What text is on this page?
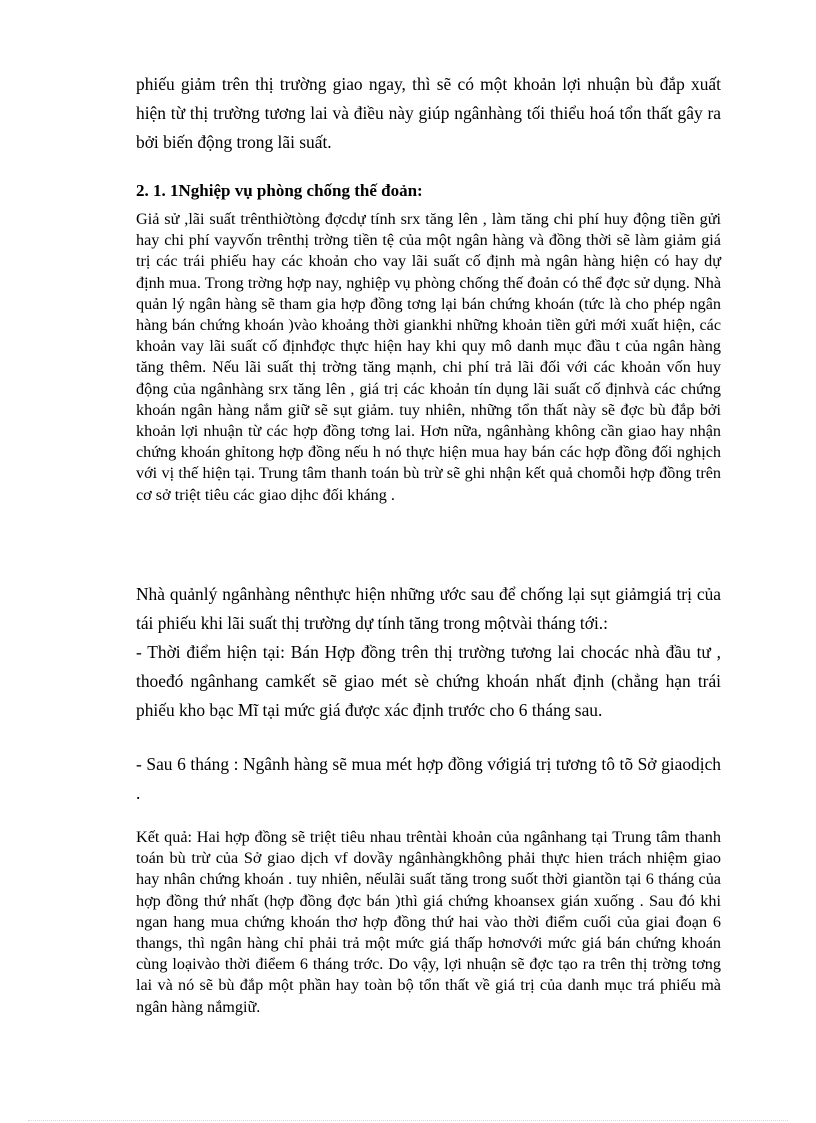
phiếu giảm trên thị trường giao ngay, thì sẽ có một khoản lợi nhuận bù đắp xuất hiện từ thị trường tương lai và điều này giúp ngânhàng tối thiểu hoá tổn thất gây ra bởi biến động trong lãi suất.

2. 1. 1Nghiệp vụ phòng chống thế đoản:

Giả sử ,lãi suất trênthiờtòng đợcdự tính srx tăng lên , làm tăng chi phí huy động tiền gửi hay chi phí vayvốn trênthị trờng tiền tệ của một ngân hàng và đồng thời sẽ làm giảm giá trị các trái phiếu hay các khoản cho vay lãi suất cố định mà ngân hàng hiện có hay dự định mua. Trong trờng hợp nay, nghiệp vụ phòng chống thế đoản có thể đợc sử dụng. Nhà quản lý ngân hàng sẽ tham gia hợp đồng tơng lại bán chứng khoán (tức là cho phép ngân hàng bán chứng khoán )vào khoảng thời giankhi những khoản tiền gửi mới xuất hiện, các khoản vay lãi suất cố địnhđợc thực hiện hay khi quy mô danh mục đầu t của ngân hàng tăng thêm. Nếu lãi suất thị trờng tăng mạnh, chi phí trả lãi đối với các khoản vốn huy động của ngânhàng srx tăng lên , giá trị các khoản tín dụng lãi suất cố địnhvà các chứng khoán ngân hàng nắm giữ sẽ sụt giảm. tuy nhiên, những tổn thất này sẽ đợc bù đắp bởi khoản lợi nhuận từ các hợp đồng tơng lai. Hơn nữa, ngânhàng không cần giao hay nhận chứng khoán ghỉtong hợp đồng nếu h nó thực hiện mua hay bán các hợp đồng đối nghịch với vị thế hiện tại. Trung tâm thanh toán bù trừ sẽ ghi nhận kết quả chomỗi hợp đồng trên cơ sở triệt tiêu các giao dịhc đối kháng .

Nhà quảnlý ngânhàng nênthực hiện những ước sau để chống lại sụt giảmgiá trị của tái phiếu khi lãi suất thị trường dự tính tăng trong mộtvài tháng tới.:

- Thời điểm hiện tại: Bán Hợp đồng trên thị trường tương lai chocác nhà đầu tư , thoeđó ngânhang camkết sẽ giao mét sè chứng khoán nhất định (chẳng hạn trái phiếu kho bạc Mĩ tại mức giá được xác định trước cho 6 tháng sau.

- Sau 6 tháng : Ngânh hàng sẽ mua mét hợp đồng vớigiá trị tương tô tõ Sở giaodịch .

Kết quả: Hai hợp đồng sẽ triệt tiêu nhau trêntài khoản của ngânhang tại Trung tâm thanh toán bù trừ của Sở giao dịch vf dovầy ngânhàngkhông phải thực hien trách nhiệm giao hay nhân chứng khoán . tuy nhiên, nếulãi suất tăng trong suốt thời giantồn tại 6 tháng của hợp đồng thứ nhất (hợp đồng đợc bán )thì giá chứng khoansex gián xuống . Sau đó khi ngan hang mua chứng khoán thơ hợp đồng thứ hai vào thời điểm cuối của giai đoạn 6 thangs, thì ngân hàng chỉ phải trả một mức giá thấp hơnơvới mức giá bán chứng khoán cùng loạivào thời điểem 6 tháng trớc. Do vậy, lợi nhuận sẽ đợc tạo ra trên thị trờng tơng lai và nó sẽ bù đắp một phần hay toàn bộ tổn thất về giá trị của danh mục trá phiếu mà ngân hàng nắmgiữ.
